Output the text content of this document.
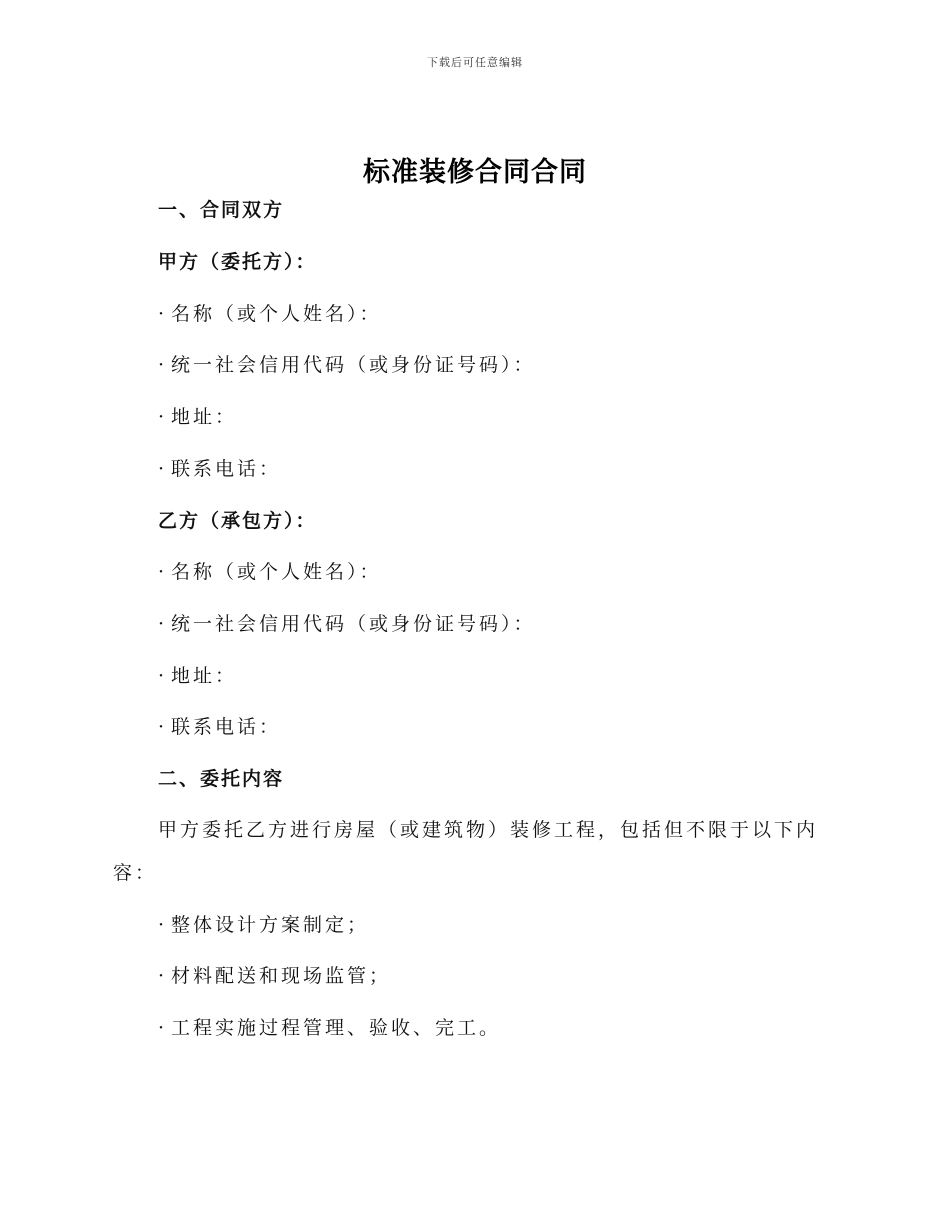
下载后可任意编辑
标准装修合同合同
一、合同双方
甲方（委托方）：
· 名称（或个人姓名）：
· 统一社会信用代码（或身份证号码）：
· 地址：
· 联系电话：
乙方（承包方）：
· 名称（或个人姓名）：
· 统一社会信用代码（或身份证号码）：
· 地址：
· 联系电话：
二、委托内容
甲方委托乙方进行房屋（或建筑物）装修工程，包括但不限于以下内容：
· 整体设计方案制定；
· 材料配送和现场监管；
· 工程实施过程管理、验收、完工。
